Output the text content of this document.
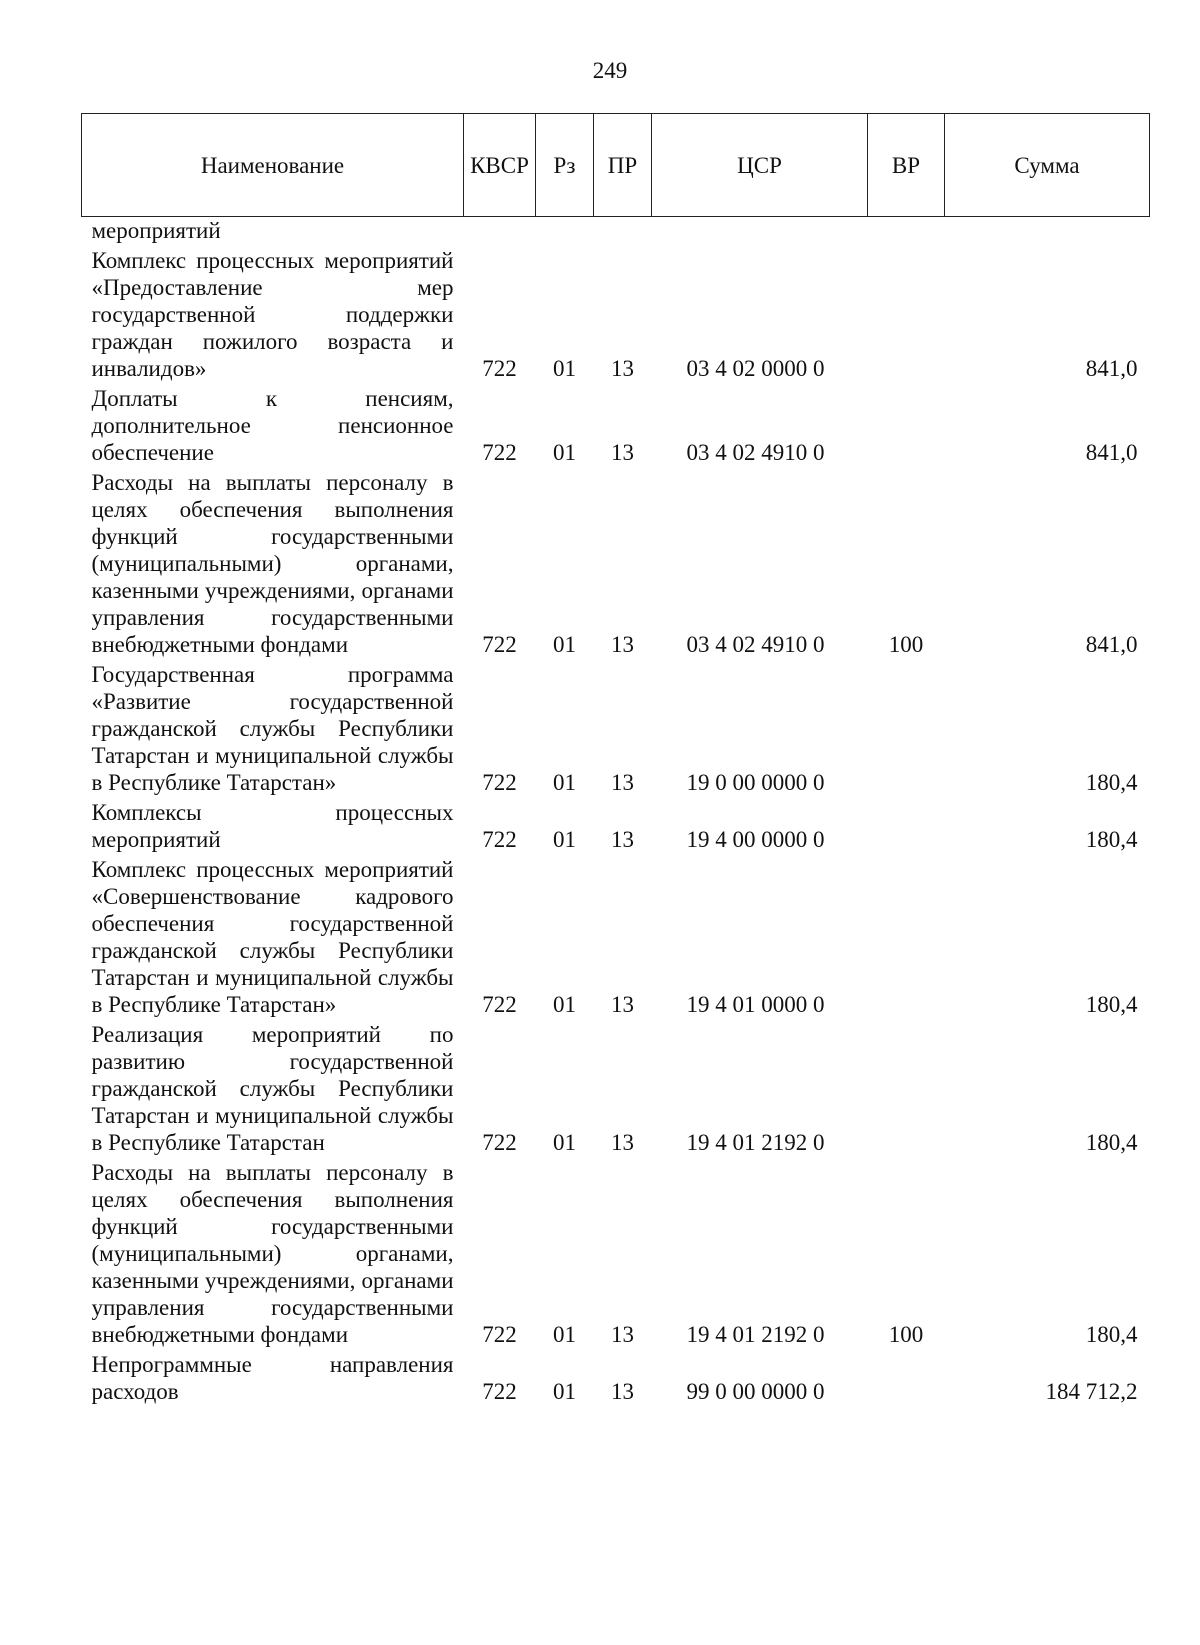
249
Наименование	КВСР	Рз	ПР	ЦСР	ВР	Сумма
мероприятий						
Комплекс процессных мероприятий «Предоставление мер государственной поддержки граждан пожилого возраста и инвалидов»	722	01	13	03 4 02 0000 0		841,0
Доплаты к пенсиям, дополнительное пенсионное обеспечение	722	01	13	03 4 02 4910 0		841,0
Расходы на выплаты персоналу в целях обеспечения выполнения функций государственными (муниципальными) органами, казенными учреждениями, органами управления государственными внебюджетными фондами	722	01	13	03 4 02 4910 0	100	841,0
Государственная программа «Развитие государственной гражданской службы Республики Татарстан и муниципальной службы в Республике Татарстан»	722	01	13	19 0 00 0000 0		180,4
Комплексы процессных мероприятий	722	01	13	19 4 00 0000 0		180,4
Комплекс процессных мероприятий «Совершенствование кадрового обеспечения государственной гражданской службы Республики Татарстан и муниципальной службы в Республике Татарстан»	722	01	13	19 4 01 0000 0		180,4
Реализация мероприятий по развитию государственной гражданской службы Республики Татарстан и муниципальной службы в Республике Татарстан	722	01	13	19 4 01 2192 0		180,4
Расходы на выплаты персоналу в целях обеспечения выполнения функций государственными (муниципальными) органами, казенными учреждениями, органами управления государственными внебюджетными фондами	722	01	13	19 4 01 2192 0	100	180,4
Непрограммные направления расходов	722	01	13	99 0 00 0000 0		184 712,2
